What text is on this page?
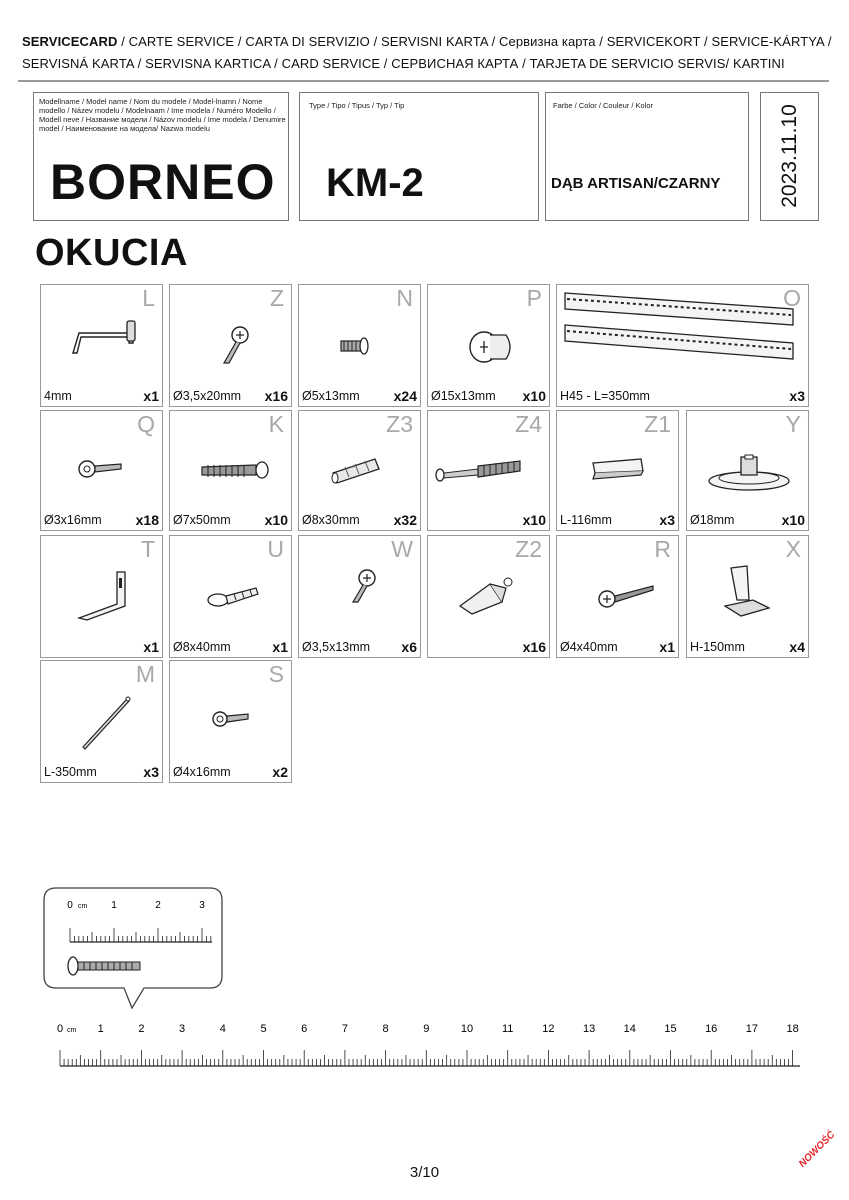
SERVICECARD / CARTE SERVICE / CARTA DI SERVIZIO / SERVISNI KARTA / Сервизна карта / SERVICEKORT / SERVICE-KÁRTYA /
SERVISNÁ KARTA / SERVISNA KARTICA / CARD SERVICE / СЕРВИСНАЯ КАРТА / TARJETA DE SERVICIO SERVIS/ KARTINI
Modellname / Model name / Nom du modele / Model-lnamn / Nome modello / Název modelu / Modelnaam / Ime modela / Numéro Modello / Modell neve / Название модели / Názov modelu / Ime modela / Denumire model / Наименование на модела/ Nazwa modelu
BORNEO
Type / Tipo / Tipus / Typ / Tip
KM-2
Farbe / Color / Couleur / Kolor
DĄB ARTISAN/CZARNY	2023.11.10
OKUCIA
L
4mm	x1
Z
Ø3,5x20mm x16
N
Ø5x13mm x24
P
Ø15x13mm x10
O
H45 - L=350mm	x3
Q
Ø3x16mm x18
K
Ø7x50mm x10
Z3
Ø8x30mm x32
Z4
x10
Z1
L-116mm	x3
Y
Ø18mm	x10
T
x1
U
Ø8x40mm	x1
W
Ø3,5x13mm x6
Z2
x16
R
Ø4x40mm	x1
X
H-150mm	x4
M
L-350mm	x3
S
Ø4x16mm	x2
0 cm 1	2	3
0	1	2	3	4	5	6	7	8	9	10	11	12	13	14	15	16	17	18
cm
3/10
NOWOŚĆ
